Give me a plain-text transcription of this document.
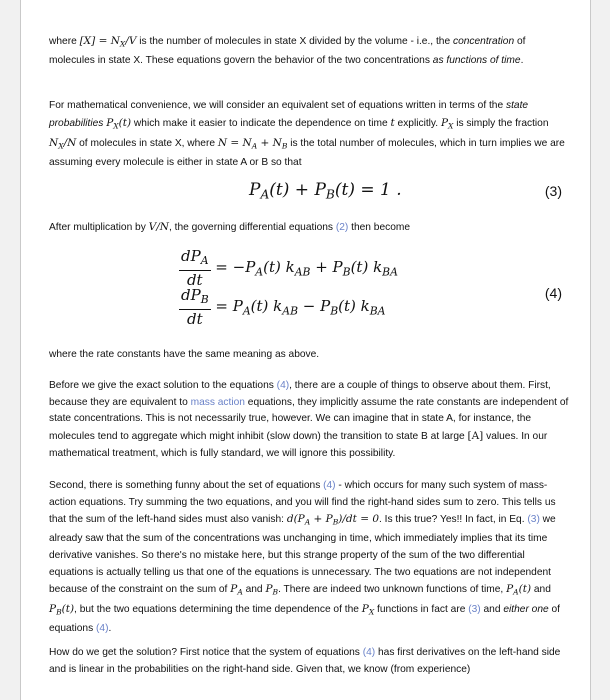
where $[X] = N_X/V$ is the number of molecules in state X divided by the volume - i.e., the concentration of molecules in state X. These equations govern the behavior of the two concentrations as functions of time.

For mathematical convenience, we will consider an equivalent set of equations written in terms of the state probabilities $P_X(t)$ which make it easier to indicate the dependence on time t explicitly. $P_X$ is simply the fraction $N_X/N$ of molecules in state X, where $N = N_A + N_B$ is the total number of molecules, which in turn implies we are assuming every molecule is either in state A or B so that

$P_A(t) + P_B(t) = 1$ .	(3)

After multiplication by V/N, the governing differential equations (2) then become

$\frac{dP_A}{dt} = -P_A(t) k_{AB} + P_B(t)$ $k_{BA}$
$\frac{dP_B}{dt} = P_A(t) k_{AB} - P_B(t)$ $k_{BA}$
(4)

where the rate constants have the same meaning as above.

Before we give the exact solution to the equations (4), there are a couple of things to observe about them. First, because they are equivalent to mass action equations, they implicitly assume the rate constants are independent of state concentrations. This is not necessarily true, however. We can imagine that in state A, for instance, the molecules tend to aggregate which might inhibit (slow down) the transition to state B at large [A] values. In our mathematical treatment, which is fully standard, we will ignore this possibility.

Second, there is something funny about the set of equations (4) - which occurs for many such system of mass-action equations. Try summing the two equations, and you will find the right-hand sides sum to zero. This tells us that the sum of the left-hand sides must also vanish: $d(P_A + P_B)/dt = 0$. Is this true? Yes!! In fact, in Eq. (3) we already saw that the sum of the concentrations was unchanging in time, which immediately implies that its time derivative vanishes. So there's no mistake here, but this strange property of the sum of the two differential equations is actually telling us that one of the equations is unnecessary. The two equations are not independent because of the constraint on the sum of $P_A$ and $P_B$. There are indeed two unknown functions of time, $P_A(t)$ and $P_B(t)$, but the two equations determining the time dependence of the $P_X$ functions in fact are (3) and either one of equations (4).

How do we get the solution? First notice that the system of equations (4) has first derivatives on the left-hand side and is linear in the probabilities on the right-hand side. Given that, we know (from experience)
